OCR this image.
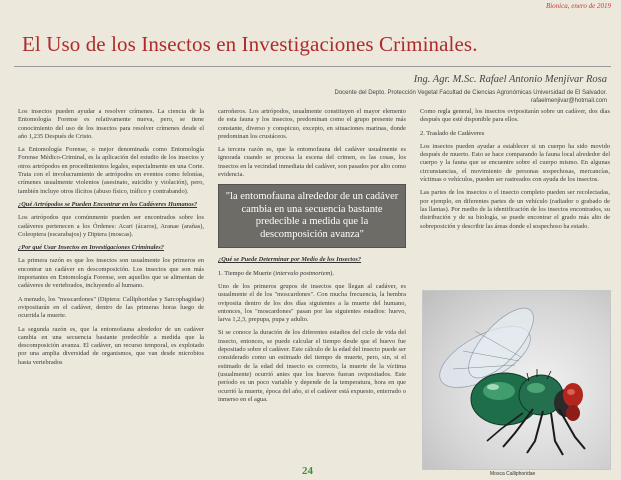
Bionica, enero de 2019
El Uso de los Insectos en Investigaciones Criminales.
Ing. Agr. M.Sc. Rafael Antonio Menjívar Rosa
Docente del Depto. Protección Vegetal Facultad de Ciencias Agronómicas Universidad de El Salvador.
rafaelmenjivar@hotmail.com

Los insectos pueden ayudar a resolver crímenes. La ciencia de la Entomología Forense es relativamente nueva, pero, se tiene conocimiento del uso de los insectos para resolver crímenes desde el año 1,235 Después de Cristo.

La Entomología Forense, o mejor denominada como Entomología Forense Médico-Criminal, es la aplicación del estudio de los insectos y otros artrópodos en procedimientos legales, especialmente en una Corte. Trata con el involucramiento de artrópodos en eventos como felonías, crímenes usualmente violentos (asesinato, suicidio y violación), pero, también incluye otros ilícitos (abuso físico, tráfico y contrabando).

¿Qué Artrópodos se Pueden Encontrar en los Cadáveres Humanos?

Los artrópodos que comúnmente pueden ser encontrados sobre los cadáveres pertenecen a los Órdenes: Acari (ácaros), Aranae (arañas), Coleoptera (escarabajos) y Diptera (moscas).

¿Por qué Usar Insectos en Investigaciones Criminales?

La primera razón es que los insectos son usualmente los primeros en encontrar un cadáver en descomposición. Los insectos que son más importantes en Entomología Forense, son aquellos que se alimentan de cadáveres de vertebrados, incluyendo al humano.

A menudo, los "moscardones" (Diptera: Calliphoridae y Sarcophagidae) ovipositarán en el cadáver, dentro de las primeras horas luego de ocurrida la muerte.

La segunda razón es, que la entomofauna alrededor de un cadáver cambia en una secuencia bastante predecible a medida que la descomposición avanza. El cadáver, un recurso temporal, es explotado por una amplia diversidad de organismos, que van desde microbios hasta vertebrados

carroñeros. Los artrópodos, usualmente constituyen el mayor elemento de esta fauna y los insectos, predominan como el grupo presente más constante, diverso y conspicuo, excepto, en situaciones marinas, donde predominan los crustáceos.

La tercera razón es, que la entomofauna del cadáver usualmente es ignorada cuando se procesa la escena del crimen, es las cosas, los insectos en la vecindad inmediata del cadáver, son pasados por alto como evidencia.

"la entomofauna alrededor de un cadáver cambia en una secuencia bastante predecible a medida que la descomposición avanza"

¿Qué se Puede Determinar por Medio de los Insectos?

1. Tiempo de Muerte (intervalo postmortem).

Uno de los primeros grupos de insectos que llegan al cadáver, es usualmente el de los "moscardones". Con mucha frecuencia, la hembra oviposita dentro de los dos días siguientes a la muerte del humano, entonces, los "moscardones" pasan por las siguientes estadios: huevo, larva 1,2,3, prepupa, pupa y adulto.

Si se conoce la duración de los diferentes estadios del ciclo de vida del insecto, entonces, se puede calcular el tiempo desde que el huevo fue depositado sobre el cadáver. Este cálculo de la edad del insecto puede ser considerado como un estimado del tiempo de muerte, pero, sin, si el estimado de la edad del insecto es correcto, la muerte de la víctima (usualmente) ocurrió antes que los huevos fueran ovipositados. Este período es un poco variable y depende de la temperatura, hora en que ocurrió la muerte, época del año, si el cadáver está expuesto, enterrado o inmerso en el agua.

Como regla general, los insectos ovipositarán sobre un cadáver, dos días después que esté disponible para ellos.

2. Traslado de Cadáveres

Los insectos pueden ayudar a establecer si un cuerpo ha sido movido después de muerto. Esto se hace comparando la fauna local alrededor del cuerpo y la fauna que se encuentre sobre el cuerpo mismo. En algunas circunstancias, el movimiento de personas sospechosas, mercancías, víctimas o vehículos, pueden ser rastreados con ayuda de los insectos.

Las partes de los insectos o el insecto completo pueden ser recolectadas, por ejemplo, en diferentes partes de un vehículo (radiador o grabado de las llantas). Por medio de la identificación de los insectos encontrados, su distribución y de su biología, se puede encontrar el grado más alto de sobreposición y describir las áreas donde el sospechoso ha estado.

Mosca Calliphoridae
24
